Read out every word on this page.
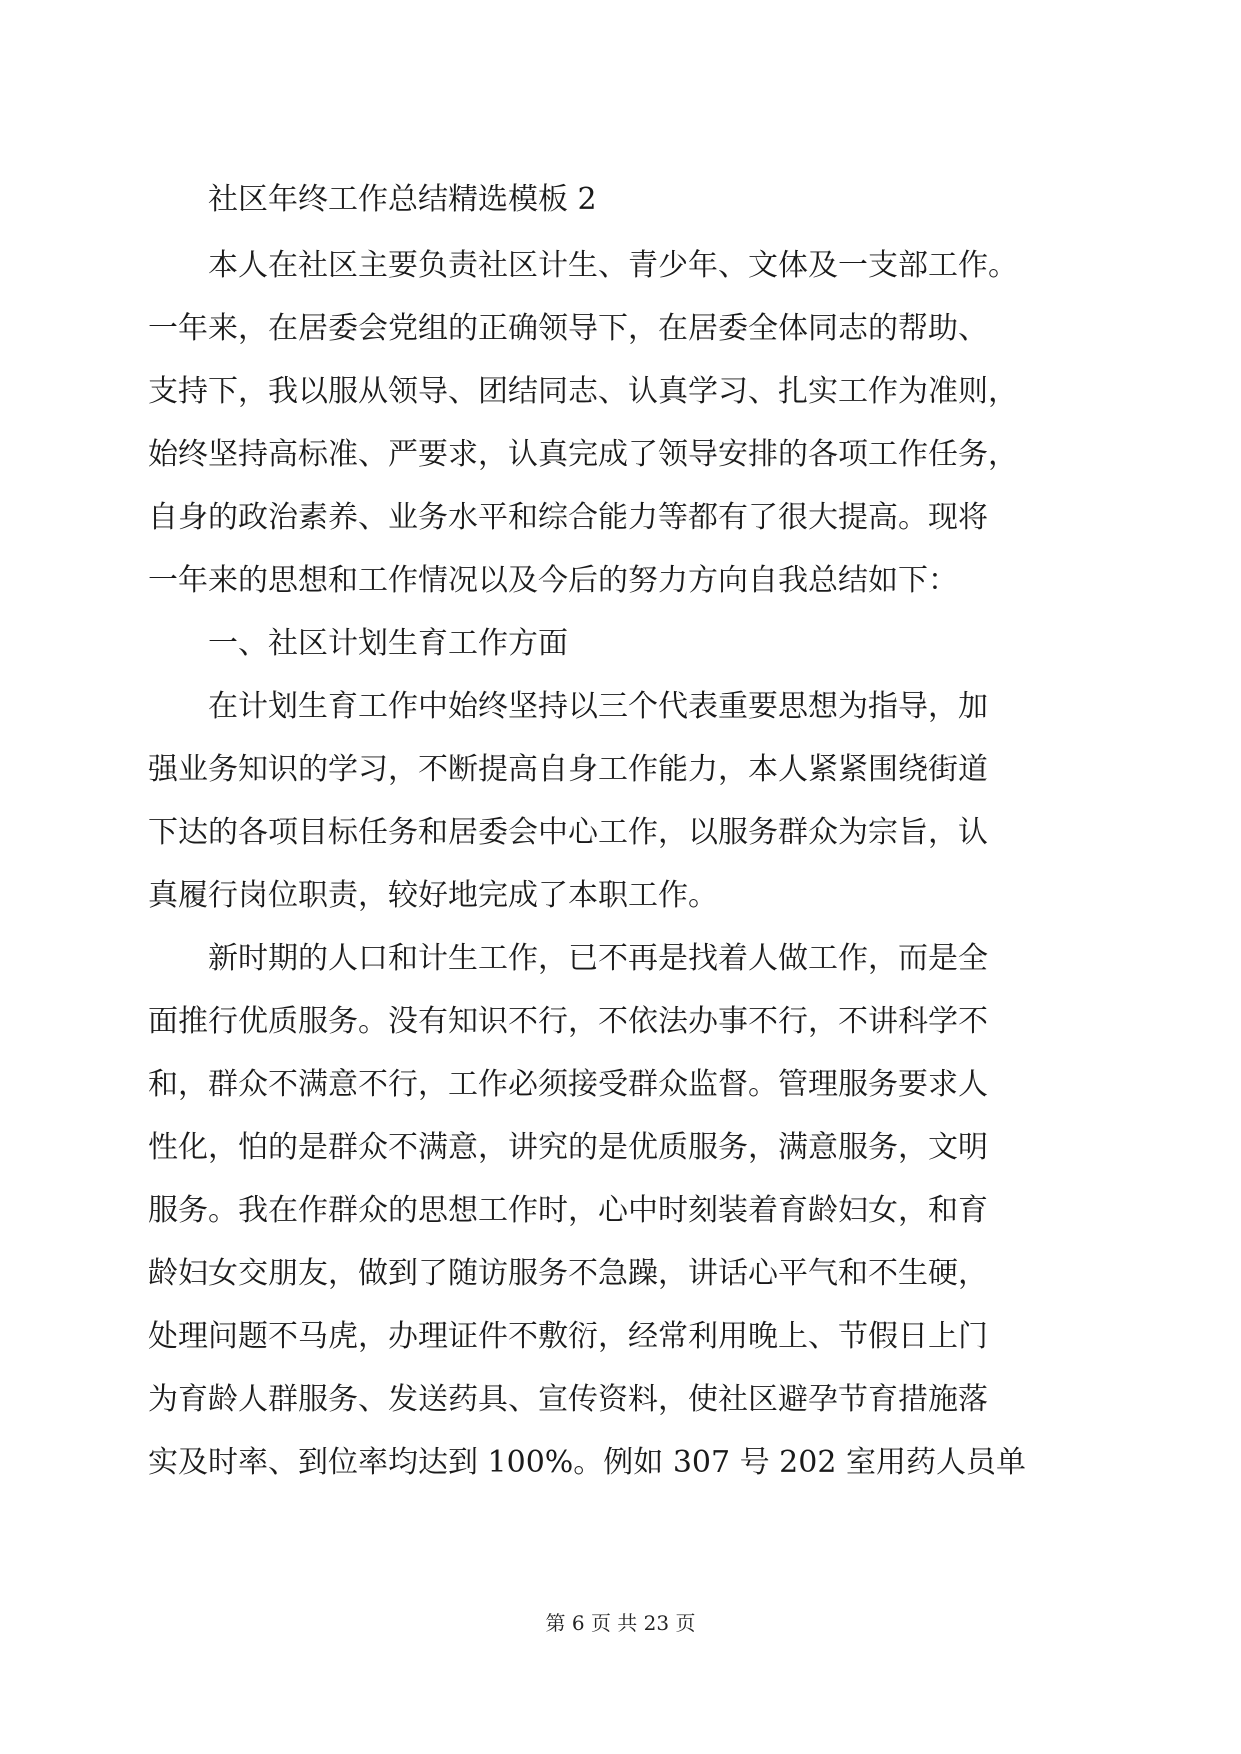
社区年终工作总结精选模板 2
本人在社区主要负责社区计生、青少年、文体及一支部工作。
一年来，在居委会党组的正确领导下，在居委全体同志的帮助、
支持下，我以服从领导、团结同志、认真学习、扎实工作为准则，
始终坚持高标准、严要求，认真完成了领导安排的各项工作任务，
自身的政治素养、业务水平和综合能力等都有了很大提高。现将
一年来的思想和工作情况以及今后的努力方向自我总结如下：
一、社区计划生育工作方面
在计划生育工作中始终坚持以三个代表重要思想为指导，加
强业务知识的学习，不断提高自身工作能力，本人紧紧围绕街道
下达的各项目标任务和居委会中心工作，以服务群众为宗旨，认
真履行岗位职责，较好地完成了本职工作。
新时期的人口和计生工作，已不再是找着人做工作，而是全
面推行优质服务。没有知识不行，不依法办事不行，不讲科学不
和，群众不满意不行，工作必须接受群众监督。管理服务要求人
性化，怕的是群众不满意，讲究的是优质服务，满意服务，文明
服务。我在作群众的思想工作时，心中时刻装着育龄妇女，和育
龄妇女交朋友，做到了随访服务不急躁，讲话心平气和不生硬，
处理问题不马虎，办理证件不敷衍，经常利用晚上、节假日上门
为育龄人群服务、发送药具、宣传资料，使社区避孕节育措施落
实及时率、到位率均达到 100%。例如 307 号 202 室用药人员单
第 6 页 共 23 页
